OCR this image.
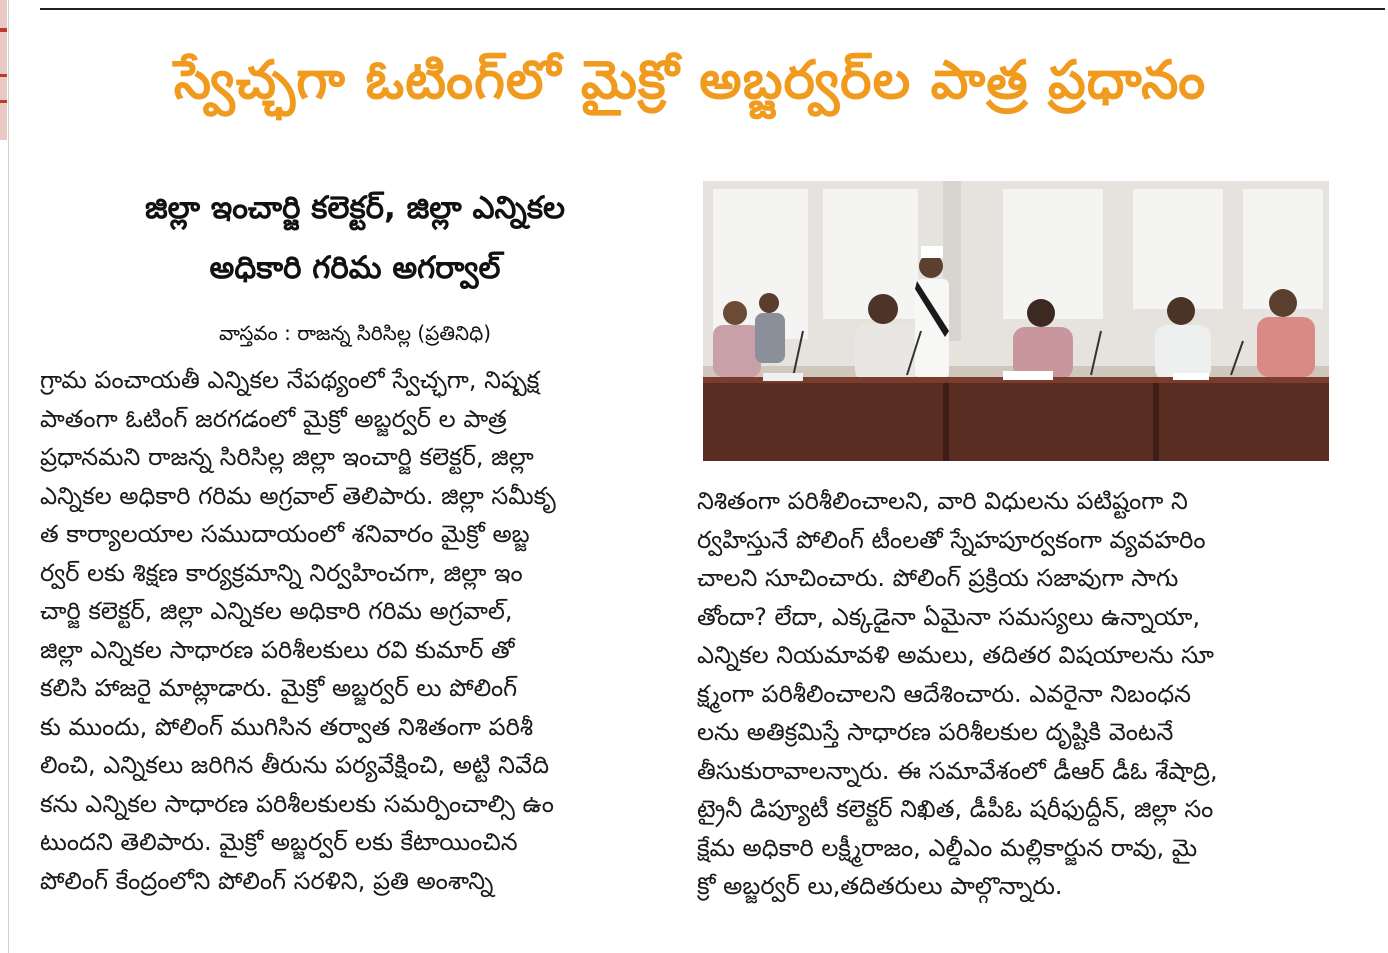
స్వేచ్ఛగా ఓటింగ్‌లో మైక్రో అబ్జర్వర్‌ల పాత్ర ప్రధానం
జిల్లా ఇంచార్జి కలెక్టర్‌, జిల్లా ఎన్నికల
అధికారి గరిమ అగర్వాల్‌
వాస్తవం : రాజన్న సిరిసిల్ల (ప్రతినిధి)
గ్రామ పంచాయతీ ఎన్నికల నేపథ్యంలో స్వేచ్ఛగా, నిష్పక్ష
పాతంగా ఓటింగ్‌ జరగడంలో మైక్రో అబ్జర్వర్‌ ల పాత్ర
ప్రధానమని రాజన్న సిరిసిల్ల జిల్లా ఇంచార్జి కలెక్టర్‌, జిల్లా
ఎన్నికల అధికారి గరిమ అగ్రవాల్‌ తెలిపారు. జిల్లా సమీకృ
త కార్యాలయాల సముదాయంలో శనివారం మైక్రో అబ్జ
ర్వర్‌ లకు శిక్షణ కార్యక్రమాన్ని నిర్వహించగా, జిల్లా ఇం
చార్జి కలెక్టర్‌, జిల్లా ఎన్నికల అధికారి గరిమ అగ్రవాల్‌,
జిల్లా ఎన్నికల సాధారణ పరిశీలకులు రవి కుమార్‌ తో
కలిసి హాజరై మాట్లాడారు. మైక్రో అబ్జర్వర్‌ లు పోలింగ్‌
కు ముందు, పోలింగ్‌ ముగిసిన తర్వాత నిశితంగా పరిశీ
లించి, ఎన్నికలు జరిగిన తీరును పర్యవేక్షించి, అట్టి నివేది
కను ఎన్నికల సాధారణ పరిశీలకులకు సమర్పించాల్సి ఉం
టుందని తెలిపారు. మైక్రో అబ్జర్వర్‌ లకు కేటాయించిన
పోలింగ్‌ కేంద్రంలోని పోలింగ్‌ సరళిని, ప్రతి అంశాన్ని
నిశితంగా పరిశీలించాలని, వారి విధులను పటిష్టంగా ని
ర్వహిస్తునే పోలింగ్‌ టీంలతో స్నేహపూర్వకంగా వ్యవహరిం
చాలని సూచించారు. పోలింగ్‌ ప్రక్రియ సజావుగా సాగు
తోందా? లేదా, ఎక్కడైనా ఏమైనా సమస్యలు ఉన్నాయా,
ఎన్నికల నియమావళి అమలు, తదితర విషయాలను సూ
క్ష్మంగా పరిశీలించాలని ఆదేశించారు. ఎవరైనా నిబంధన
లను అతిక్రమిస్తే సాధారణ పరిశీలకుల దృష్టికి వెంటనే
తీసుకురావాలన్నారు. ఈ సమావేశంలో డీఆర్‌ డీఓ శేషాద్రి,
ట్రైనీ డిప్యూటీ కలెక్టర్‌ నిఖిత, డీపీఓ షరీఫుద్దీన్‌, జిల్లా సం
క్షేమ అధికారి లక్ష్మీరాజం, ఎల్డీఎం మల్లికార్జున రావు, మై
క్రో అబ్జర్వర్‌ లు,తదితరులు పాల్గొన్నారు.
